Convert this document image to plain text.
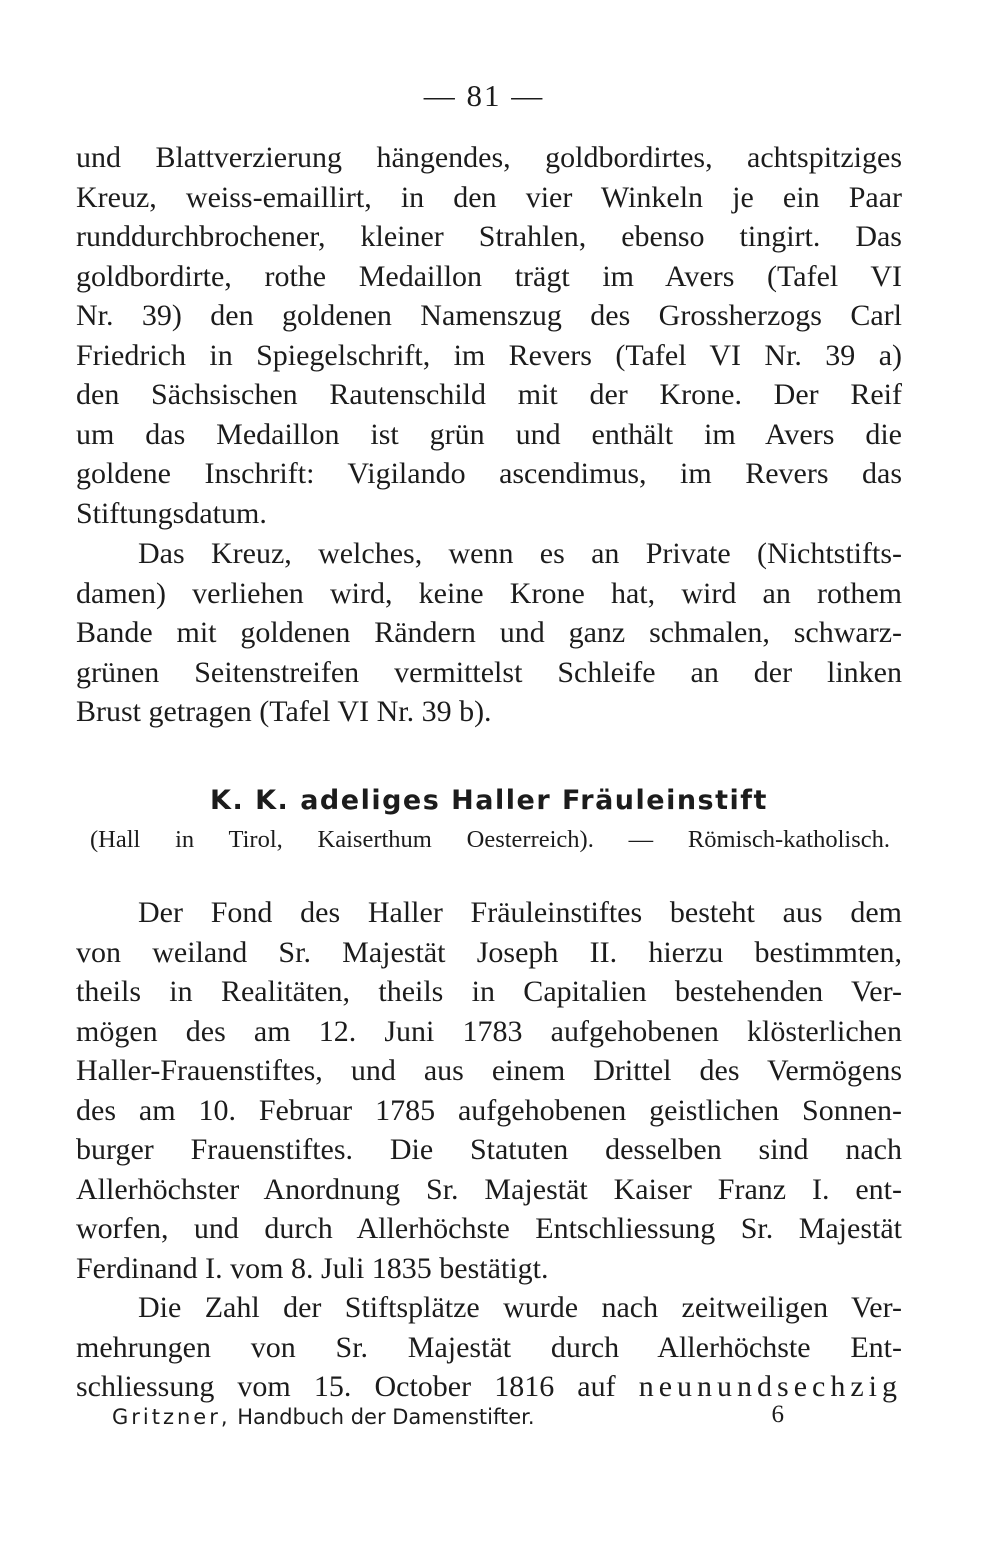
— 81 —
und Blattverzierung hängendes, goldbordirtes, achtspitziges
Kreuz, weiss-emaillirt, in den vier Winkeln je ein Paar
runddurchbrochener, kleiner Strahlen, ebenso tingirt. Das
goldbordirte, rothe Medaillon trägt im Avers (Tafel VI
Nr. 39) den goldenen Namenszug des Grossherzogs Carl
Friedrich in Spiegelschrift, im Revers (Tafel VI Nr. 39 a)
den Sächsischen Rautenschild mit der Krone. Der Reif
um das Medaillon ist grün und enthält im Avers die
goldene Inschrift: Vigilando ascendimus, im Revers das
Stiftungsdatum.
Das Kreuz, welches, wenn es an Private (Nichtstifts-
damen) verliehen wird, keine Krone hat, wird an rothem
Bande mit goldenen Rändern und ganz schmalen, schwarz-
grünen Seitenstreifen vermittelst Schleife an der linken
Brust getragen (Tafel VI Nr. 39 b).
K. K. adeliges Haller Fräuleinstift
(Hall in Tirol, Kaiserthum Oesterreich). — Römisch-katholisch.
Der Fond des Haller Fräuleinstiftes besteht aus dem
von weiland Sr. Majestät Joseph II. hierzu bestimmten,
theils in Realitäten, theils in Capitalien bestehenden Ver-
mögen des am 12. Juni 1783 aufgehobenen klösterlichen
Haller-Frauenstiftes, und aus einem Drittel des Vermögens
des am 10. Februar 1785 aufgehobenen geistlichen Sonnen-
burger Frauenstiftes. Die Statuten desselben sind nach
Allerhöchster Anordnung Sr. Majestät Kaiser Franz I. ent-
worfen, und durch Allerhöchste Entschliessung Sr. Majestät
Ferdinand I. vom 8. Juli 1835 bestätigt.
Die Zahl der Stiftsplätze wurde nach zeitweiligen Ver-
mehrungen von Sr. Majestät durch Allerhöchste Ent-
schliessung vom 15. October 1816 auf neunundsechzig
Gritzner, Handbuch der Damenstifter.	6
